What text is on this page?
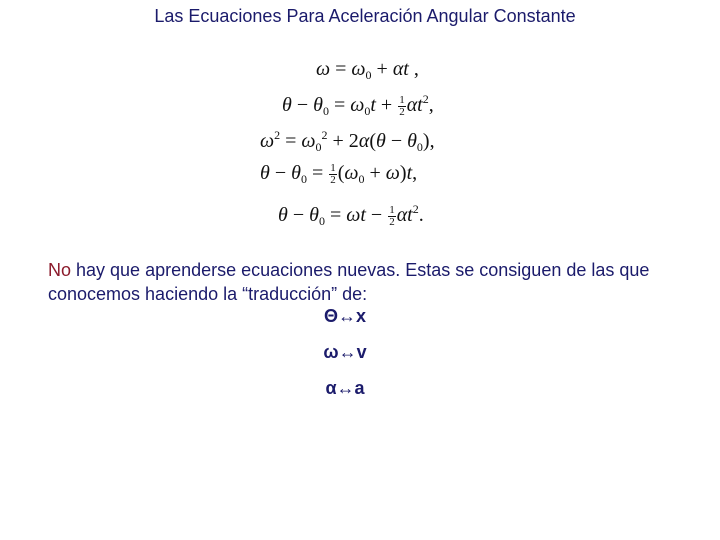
Las Ecuaciones Para Aceleración Angular Constante
$\omega = \omega_0 + \alpha t$ ,
$\theta - \theta_0 = \omega_0t + \frac{1}{2} \alpha t^2$,
$\omega^2 = \omega_0^2 + 2\alpha(\theta - \theta_0)$,
$\theta - \theta_0 = \frac{1}{2} (\omega_0 + \omega)t$,
$\theta - \theta_0 = \omega t - \frac{1}{2} \alpha t^2$.
No hay que aprenderse ecuaciones nuevas. Estas se consiguen de las que conocemos haciendo la “traducción” de:
Θ↔x
ω↔v
α↔a
